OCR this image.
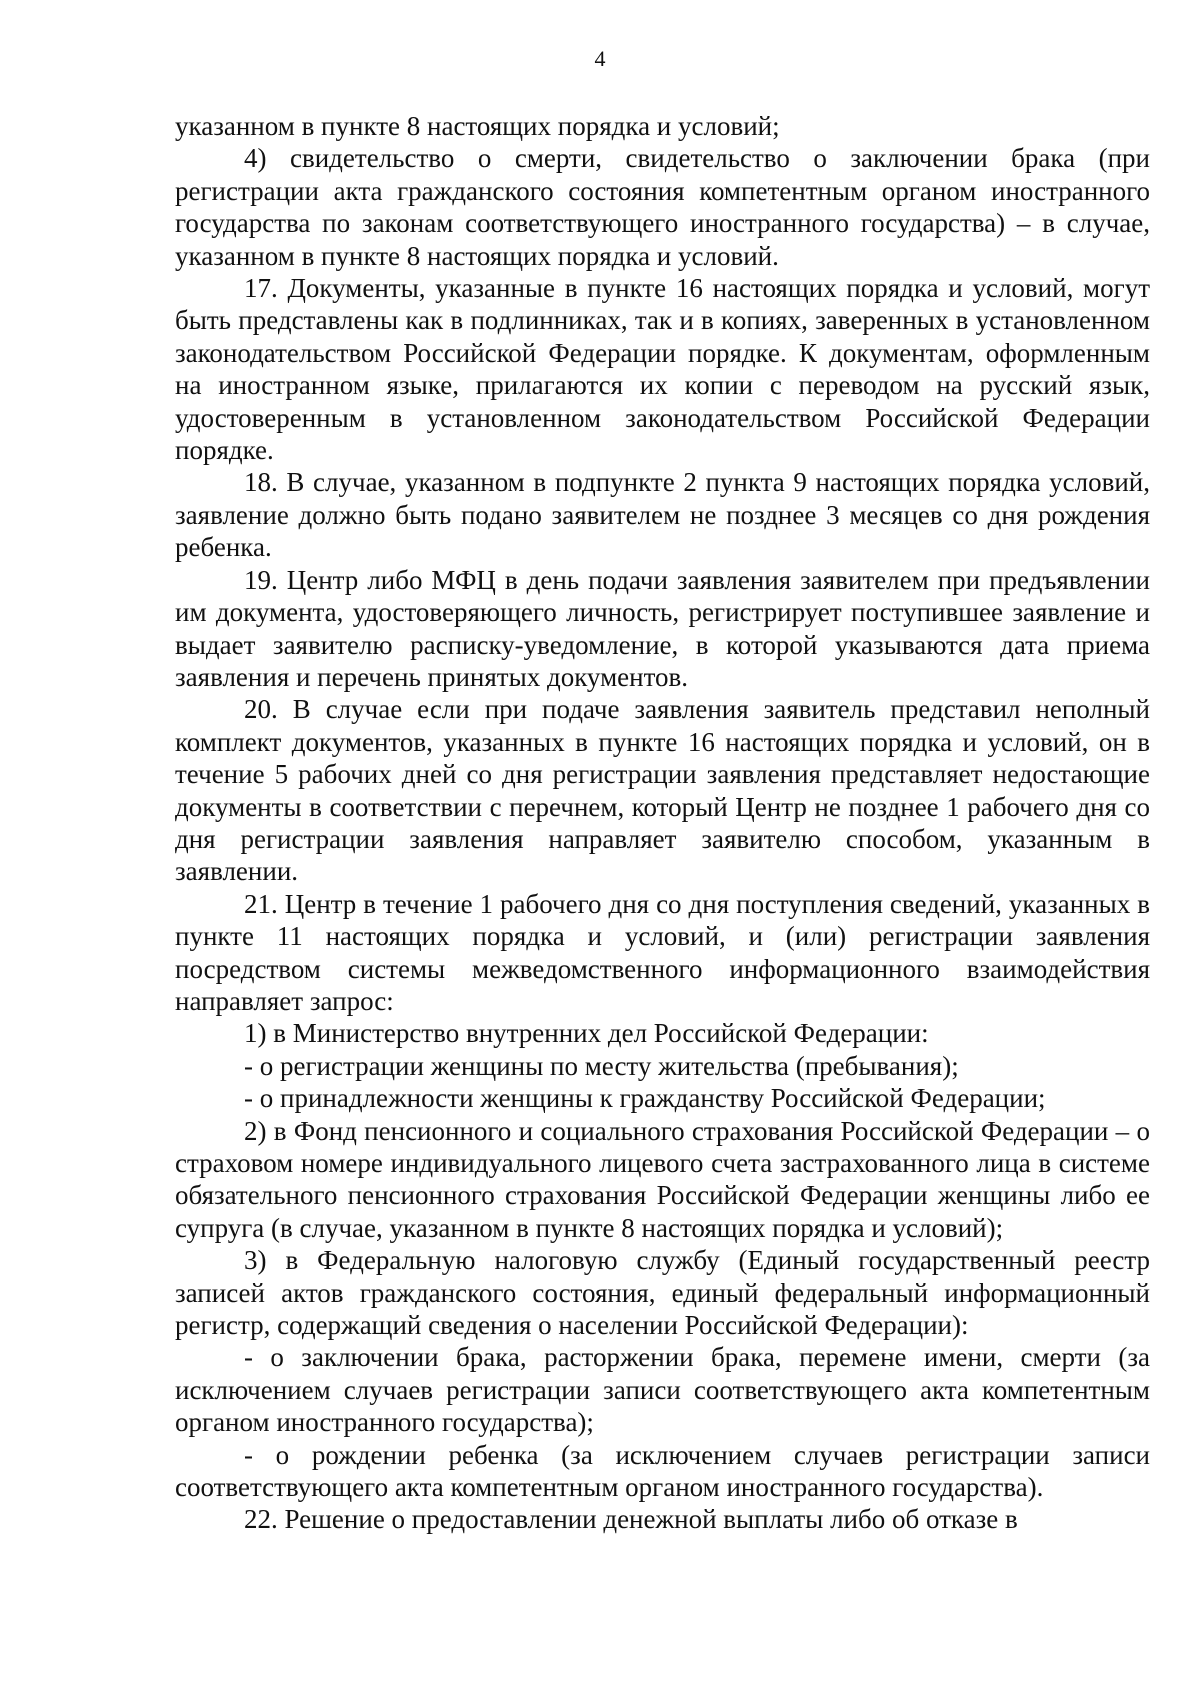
4

указанном в пункте 8 настоящих порядка и условий;

4) свидетельство о смерти, свидетельство о заключении брака (при регистрации акта гражданского состояния компетентным органом иностранного государства по законам соответствующего иностранного государства) – в случае, указанном в пункте 8 настоящих порядка и условий.

17. Документы, указанные в пункте 16 настоящих порядка и условий, могут быть представлены как в подлинниках, так и в копиях, заверенных в установленном законодательством Российской Федерации порядке. К документам, оформленным на иностранном языке, прилагаются их копии с переводом на русский язык, удостоверенным в установленном законодательством Российской Федерации порядке.

18. В случае, указанном в подпункте 2 пункта 9 настоящих порядка условий, заявление должно быть подано заявителем не позднее 3 месяцев со дня рождения ребенка.

19. Центр либо МФЦ в день подачи заявления заявителем при предъявлении им документа, удостоверяющего личность, регистрирует поступившее заявление и выдает заявителю расписку-уведомление, в которой указываются дата приема заявления и перечень принятых документов.

20. В случае если при подаче заявления заявитель представил неполный комплект документов, указанных в пункте 16 настоящих порядка и условий, он в течение 5 рабочих дней со дня регистрации заявления представляет недостающие документы в соответствии с перечнем, который Центр не позднее 1 рабочего дня со дня регистрации заявления направляет заявителю способом, указанным в заявлении.

21. Центр в течение 1 рабочего дня со дня поступления сведений, указанных в пункте 11 настоящих порядка и условий, и (или) регистрации заявления посредством системы межведомственного информационного взаимодействия направляет запрос:

1) в Министерство внутренних дел Российской Федерации:

- о регистрации женщины по месту жительства (пребывания);

- о принадлежности женщины к гражданству Российской Федерации;

2) в Фонд пенсионного и социального страхования Российской Федерации – о страховом номере индивидуального лицевого счета застрахованного лица в системе обязательного пенсионного страхования Российской Федерации женщины либо ее супруга (в случае, указанном в пункте 8 настоящих порядка и условий);

3) в Федеральную налоговую службу (Единый государственный реестр записей актов гражданского состояния, единый федеральный информационный регистр, содержащий сведения о населении Российской Федерации):

- о заключении брака, расторжении брака, перемене имени, смерти (за исключением случаев регистрации записи соответствующего акта компетентным органом иностранного государства);

- о рождении ребенка (за исключением случаев регистрации записи соответствующего акта компетентным органом иностранного государства).

22. Решение о предоставлении денежной выплаты либо об отказе в
